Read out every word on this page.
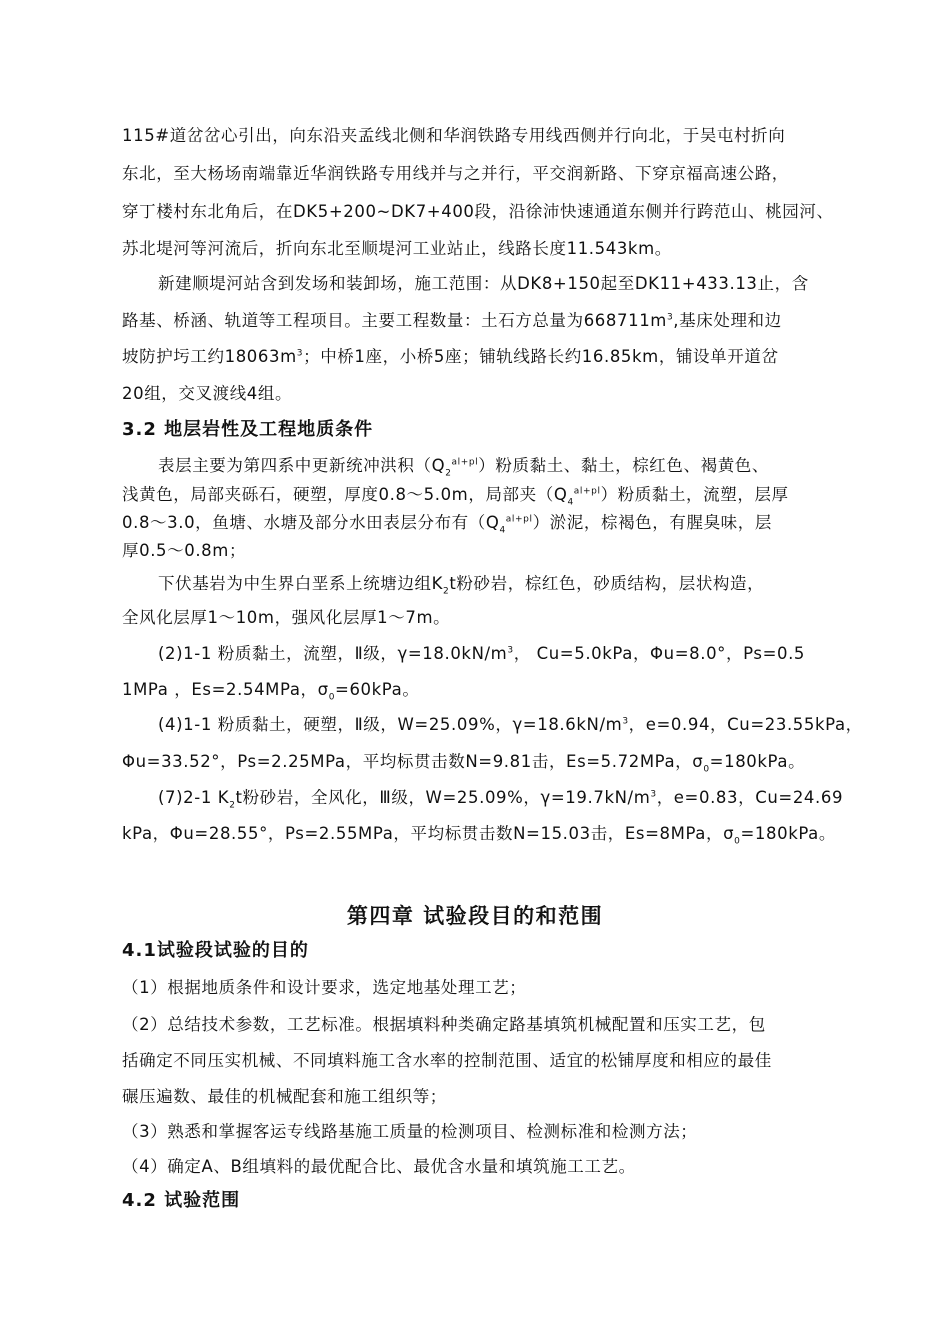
115#道岔岔心引出，向东沿夹孟线北侧和华润铁路专用线西侧并行向北，于吴屯村折向
东北，至大杨场南端靠近华润铁路专用线并与之并行，平交润新路、下穿京福高速公路，
穿丁楼村东北角后，在DK5+200~DK7+400段，沿徐沛快速通道东侧并行跨范山、桃园河、
苏北堤河等河流后，折向东北至顺堤河工业站止，线路长度11.543km。
新建顺堤河站含到发场和装卸场，施工范围：从DK8+150起至DK11+433.13止，含
路基、桥涵、轨道等工程项目。主要工程数量：土石方总量为$668711m^3$,基床处理和边
坡防护圬工约$18063m^3$；中桥1座，小桥5座；铺轨线路长约16.85km，铺设单开道岔
20组，交叉渡线4组。
3.2 地层岩性及工程地质条件
表层主要为第四系中更新统冲洪积$(Q_2^{al+pl})$粉质黏土、黏土，棕红色、褐黄色、
浅黄色，局部夹砾石，硬塑，厚度0.8～5.0m，局部夹$(Q_4^{al+pl})$粉质黏土，流塑，层厚
0.8～3.0，鱼塘、水塘及部分水田表层分布有$(Q_4^{al+pl})$淤泥，棕褐色，有腥臭味，层
厚0.5～0.8m；
下伏基岩为中生界白垩系上统塘边组$K_2t$粉砂岩，棕红色，砂质结构，层状构造，
全风化层厚1～10m，强风化层厚1～7m。
(2)1-1 粉质黏土，流塑，Ⅱ级，$\gamma=18.0kN/m^3$， Cu=5.0kPa，Φu=8.0°，Ps=0.5
1MPa ，Es=2.54MPa，$\sigma_0=60kPa$。
(4)1-1 粉质黏土，硬塑，Ⅱ级，W=25.09%，$\gamma=18.6kN/m^3$，e=0.94，Cu=23.55kPa，
Φu=33.52°，Ps=2.25MPa，平均标贯击数N=9.81击，Es=5.72MPa，$\sigma_0=180kPa$。
(7)2-1 $K_2t$粉砂岩，全风化，Ⅲ级，W=25.09%，$\gamma=19.7kN/m^3$，e=0.83，Cu=24.69
kPa，Φu=28.55°，Ps=2.55MPa，平均标贯击数N=15.03击，Es=8MPa，$\sigma_0=180kPa$。
第四章 试验段目的和范围
4.1试验段试验的目的
（1）根据地质条件和设计要求，选定地基处理工艺；
（2）总结技术参数，工艺标准。根据填料种类确定路基填筑机械配置和压实工艺，包
括确定不同压实机械、不同填料施工含水率的控制范围、适宜的松铺厚度和相应的最佳
碾压遍数、最佳的机械配套和施工组织等；
（3）熟悉和掌握客运专线路基施工质量的检测项目、检测标准和检测方法；
（4）确定A、B组填料的最优配合比、最优含水量和填筑施工工艺。
4.2 试验范围
